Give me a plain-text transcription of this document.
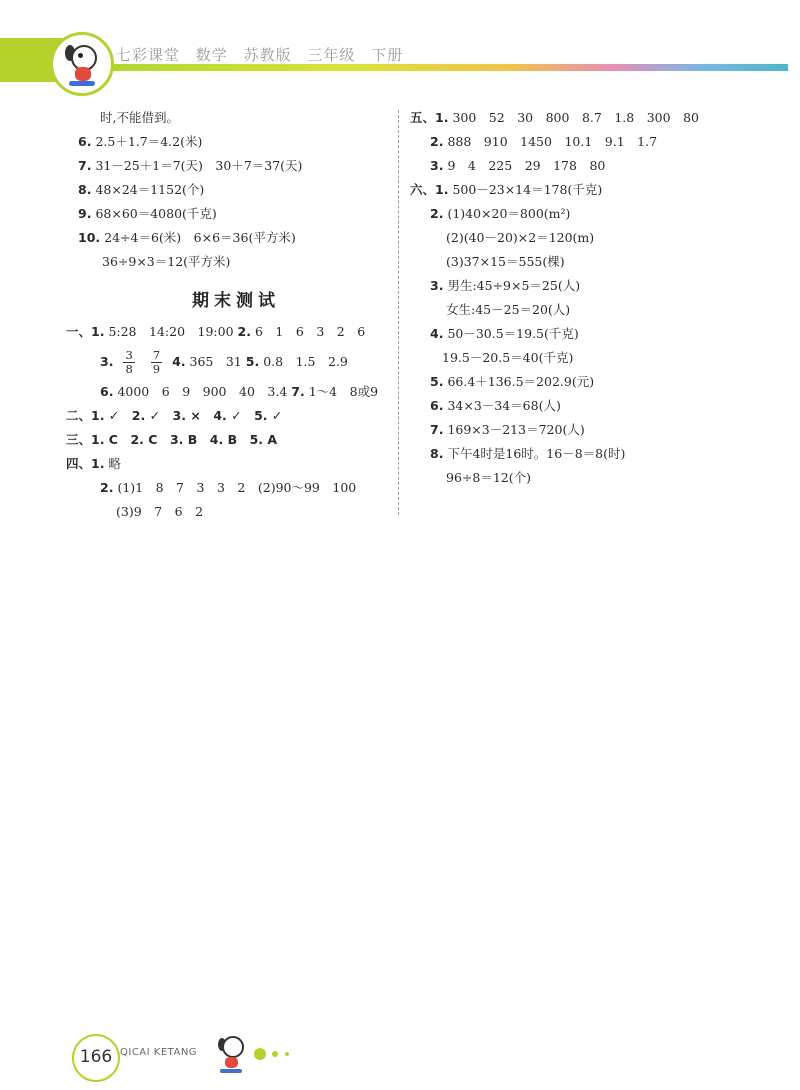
七彩课堂 数学 苏教版 三年级 下册
时,不能借到。
6. 2.5＋1.7＝4.2(米)
7. 31－25＋1＝7(天)　30＋7＝37(天)
8. 48×24＝1152(个)
9. 68×60＝4080(千克)
10. 24÷4＝6(米)　6×6＝36(平方米)
36÷9×3＝12(平方米)
期末测试
一、1. 5:28　14:20　19:00 2. 6　1　6　3　2　6
3. $\frac{3}{8}$
$\frac{7}{9} 4$. 365　31 5. 0.8　1.5　2.9
6. 4000　6　9　900　40　3.4 7. 1～4　8或9
二、1. ✓　2. ✓　3. ×　4. ✓　5. ✓
三、1. C　2. C　3. B　4. B　5. A
四、1. 略
2. (1)1　8　7　3　3　2　(2)90～99　100
(3)9　7　6　2
五、1. 300　52　30　800　8.7　1.8　300　80
2. 888　910　1450　10.1　9.1　1.7
3. 9　4　225　29　178　80
六、1. 500－23×14＝178(千克)
2. (1)40×20＝800(m²)
(2)(40－20)×2＝120(m)
(3)37×15＝555(棵)
3. 男生:45÷9×5＝25(人)
女生:45－25＝20(人)
4. 50－30.5＝19.5(千克)
19.5－20.5＝40(千克)
5. 66.4＋136.5＝202.9(元)
6. 34×3－34＝68(人)
7. 169×3－213＝720(人)
8. 下午4时是16时。16－8＝8(时)
96÷8＝12(个)
166 QICAI KETANG
